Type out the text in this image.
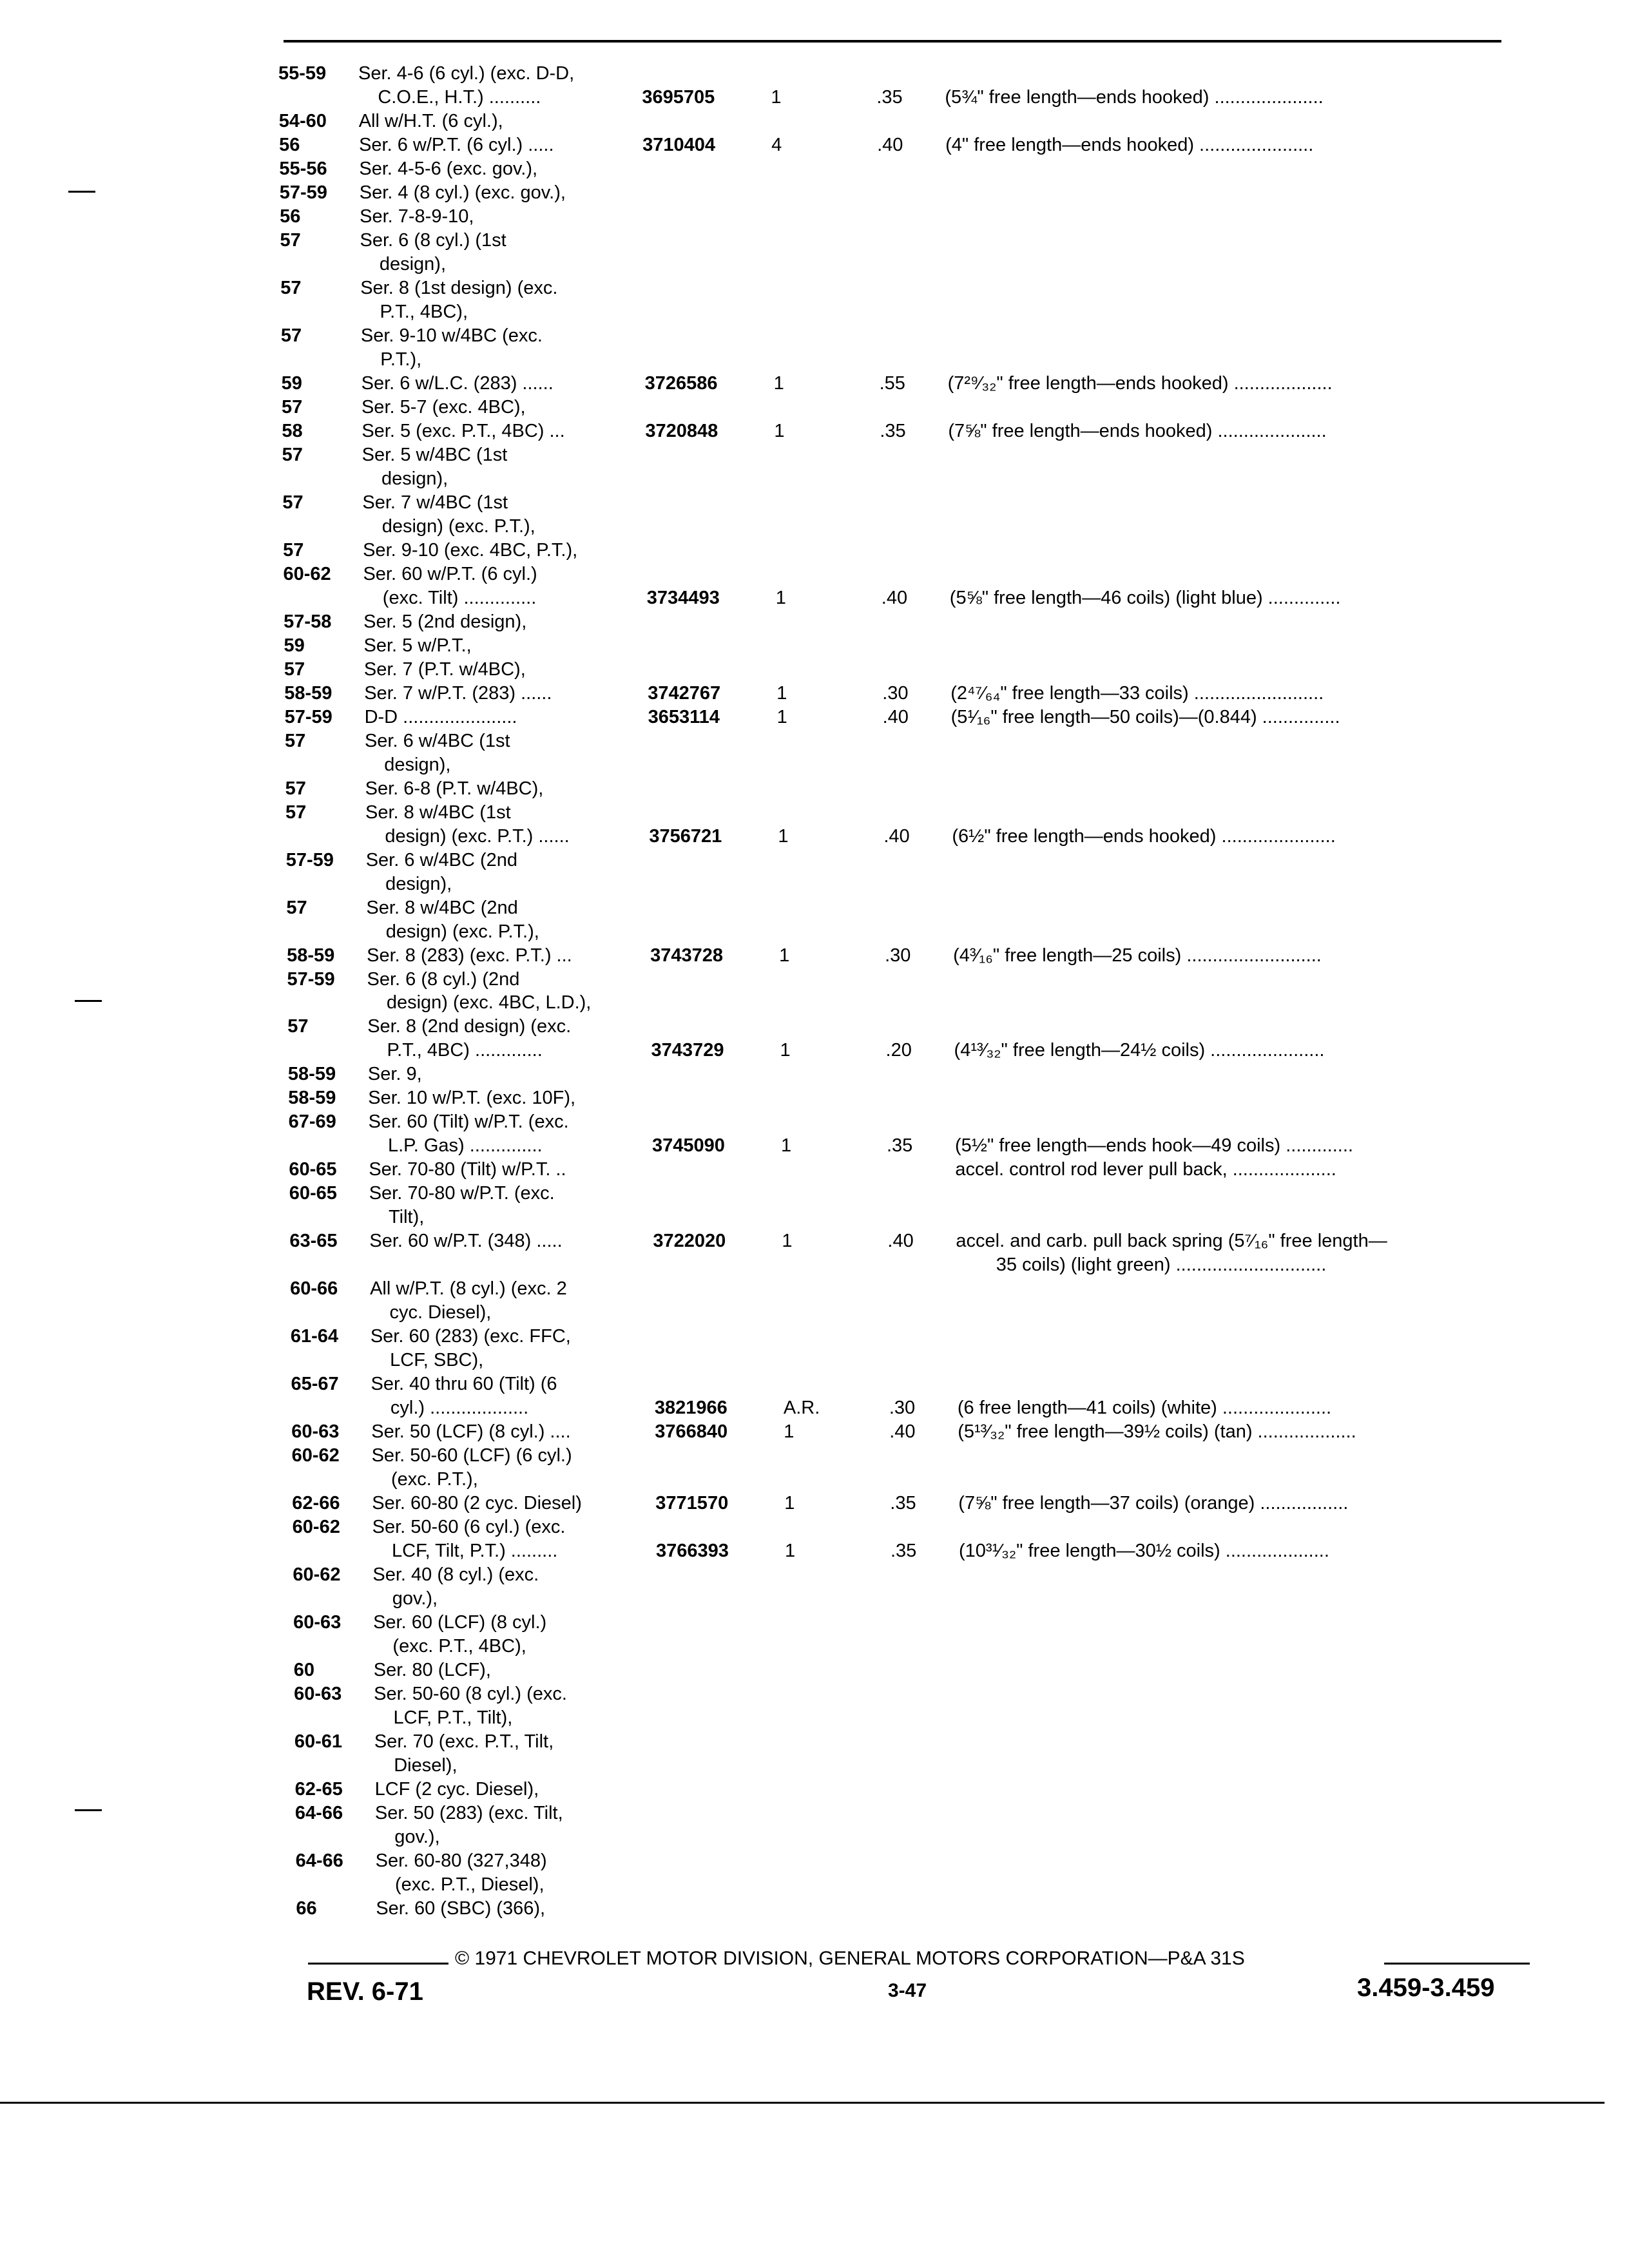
55-59 Ser. 4-6 (6 cyl.) (exc. D-D,
C.O.E., H.T.) ..........	3695705	1	.35 (5¾" free length—ends hooked) .....................
54-60 All w/H.T. (6 cyl.),
56	Ser. 6 w/P.T. (6 cyl.) .....	3710404	4	.40 (4" free length—ends hooked) ......................
55-56 Ser. 4-5-6 (exc. gov.),
57-59 Ser. 4 (8 cyl.) (exc. gov.),
56	Ser. 7-8-9-10,
57	Ser. 6 (8 cyl.) (1st
design),
57	Ser. 8 (1st design) (exc.
P.T., 4BC),
57	Ser. 9-10 w/4BC (exc.
P.T.),
59	Ser. 6 w/L.C. (283) ......	3726586	1	.55 (7²⁹⁄₃₂" free length—ends hooked) ...................
57	Ser. 5-7 (exc. 4BC),
58	Ser. 5 (exc. P.T., 4BC) ...	3720848	1	.35 (7⅝" free length—ends hooked) .....................
57	Ser. 5 w/4BC (1st
design),
57	Ser. 7 w/4BC (1st
design) (exc. P.T.),
57	Ser. 9-10 (exc. 4BC, P.T.),
60-62 Ser. 60 w/P.T. (6 cyl.)
(exc. Tilt) ..............	3734493	1	.40 (5⅝" free length—46 coils) (light blue) ..............
57-58 Ser. 5 (2nd design),
59	Ser. 5 w/P.T.,
57	Ser. 7 (P.T. w/4BC),
58-59 Ser. 7 w/P.T. (283) ......	3742767	1	.30 (2⁴⁷⁄₆₄" free length—33 coils) .........................
57-59 D-D ......................	3653114	1	.40 (5¹⁄₁₆" free length—50 coils)—(0.844) ...............
57	Ser. 6 w/4BC (1st
design),
57	Ser. 6-8 (P.T. w/4BC),
57	Ser. 8 w/4BC (1st
design) (exc. P.T.) ......	3756721	1	.40 (6½" free length—ends hooked) ......................
57-59 Ser. 6 w/4BC (2nd
design),
57	Ser. 8 w/4BC (2nd
design) (exc. P.T.),
58-59 Ser. 8 (283) (exc. P.T.) ...	3743728	1	.30 (4³⁄₁₆" free length—25 coils) ..........................
57-59 Ser. 6 (8 cyl.) (2nd
design) (exc. 4BC, L.D.),
57	Ser. 8 (2nd design) (exc.
P.T., 4BC) .............	3743729	1	.20 (4¹³⁄₃₂" free length—24½ coils) ......................
58-59 Ser. 9,
58-59 Ser. 10 w/P.T. (exc. 10F),
67-69 Ser. 60 (Tilt) w/P.T. (exc.
L.P. Gas) ..............	3745090	1	.35 (5½" free length—ends hook—49 coils) .............
60-65 Ser. 70-80 (Tilt) w/P.T. ..	accel. control rod lever pull back, ....................
60-65 Ser. 70-80 w/P.T. (exc.
Tilt),
63-65 Ser. 60 w/P.T. (348) .....	3722020	1	.40 accel. and carb. pull back spring (5⁷⁄₁₆" free length—
35 coils) (light green) .............................
60-66 All w/P.T. (8 cyl.) (exc. 2
cyc. Diesel),
61-64 Ser. 60 (283) (exc. FFC,
LCF, SBC),
65-67 Ser. 40 thru 60 (Tilt) (6
cyl.) ...................	3821966	A.R.	.30 (6 free length—41 coils) (white) .....................
60-63 Ser. 50 (LCF) (8 cyl.) ....	3766840	1	.40 (5¹³⁄₃₂" free length—39½ coils) (tan) ...................
60-62 Ser. 50-60 (LCF) (6 cyl.)
(exc. P.T.),
62-66 Ser. 60-80 (2 cyc. Diesel)	3771570	1	.35 (7⅝" free length—37 coils) (orange) .................
60-62 Ser. 50-60 (6 cyl.) (exc.
LCF, Tilt, P.T.) .........	3766393	1	.35 (10³¹⁄₃₂" free length—30½ coils) ....................
60-62 Ser. 40 (8 cyl.) (exc.
gov.),
60-63 Ser. 60 (LCF) (8 cyl.)
(exc. P.T., 4BC),
60	Ser. 80 (LCF),
60-63 Ser. 50-60 (8 cyl.) (exc.
LCF, P.T., Tilt),
60-61 Ser. 70 (exc. P.T., Tilt,
Diesel),
62-65 LCF (2 cyc. Diesel),
64-66 Ser. 50 (283) (exc. Tilt,
gov.),
64-66 Ser. 60-80 (327,348)
(exc. P.T., Diesel),
66	Ser. 60 (SBC) (366),
© 1971 CHEVROLET MOTOR DIVISION, GENERAL MOTORS CORPORATION—P&A 31S
REV. 6-71	3-47	3.459-3.459
